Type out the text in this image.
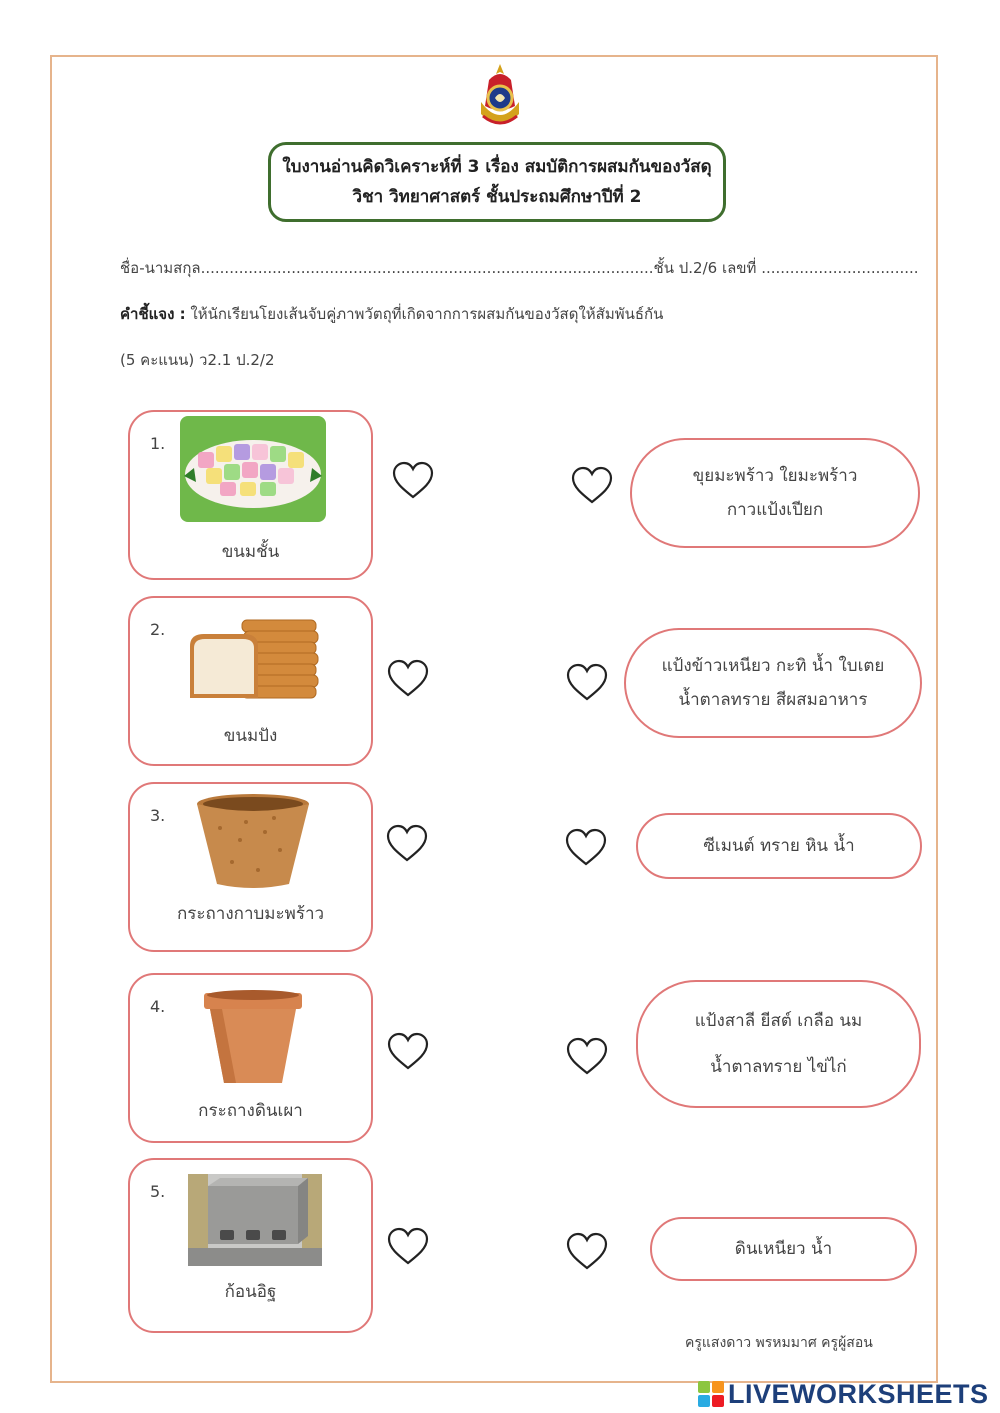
ใบงานอ่านคิดวิเคราะห์ที่ 3 เรื่อง สมบัติการผสมกันของวัสดุ
วิชา วิทยาศาสตร์ ชั้นประถมศึกษาปีที่ 2
ชื่อ-นามสกุล...............................................................................................ชั้น ป.2/6 เลขที่ .................................
คำชี้แจง : ให้นักเรียนโยงเส้นจับคู่ภาพวัตถุที่เกิดจากการผสมกันของวัสดุให้สัมพันธ์กัน
(5 คะแนน) ว2.1 ป.2/2
1.
ขนมชั้น
2.
ขนมปัง
3.
กระถางกาบมะพร้าว
4.
กระถางดินเผา
5.
ก้อนอิฐ
ขุยมะพร้าว ใยมะพร้าว
กาวแป้งเปียก
แป้งข้าวเหนียว กะทิ น้ำ ใบเตย
น้ำตาลทราย สีผสมอาหาร
ซีเมนต์ ทราย หิน น้ำ
แป้งสาลี ยีสต์ เกลือ นม
น้ำตาลทราย ไข่ไก่
ดินเหนียว น้ำ
ครูแสงดาว พรหมมาศ ครูผู้สอน
LIVEWORKSHEETS
